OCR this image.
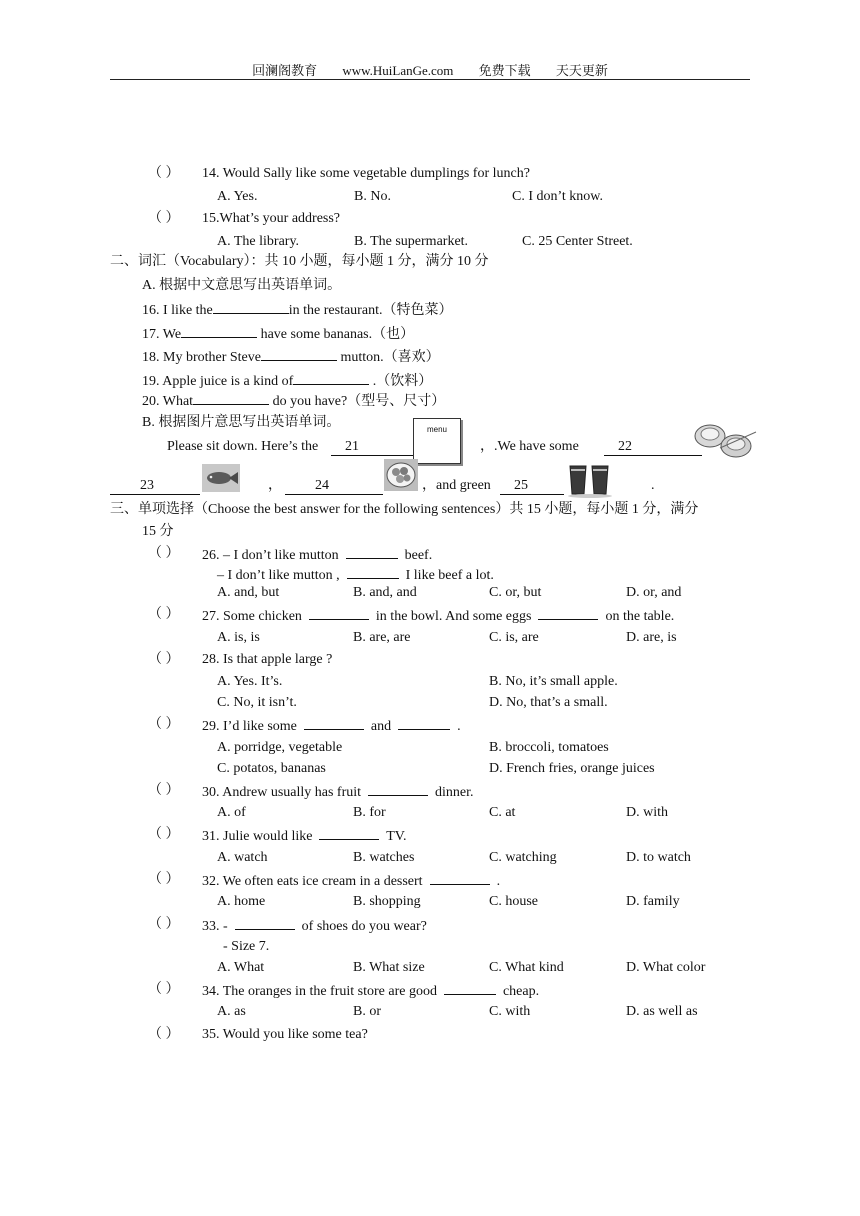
回澜阁教育 www.HuiLanGe.com 免费下载 天天更新
（ ） 14. Would Sally like some vegetable dumplings for lunch?
A. Yes.	B. No.	C. I don’t know.
（ ） 15.What’s your address?
A. The library.	B. The supermarket.	C. 25 Center Street.
二、词汇（Vocabulary）：共 10 小题，每小题 1 分，满分 10 分
A. 根据中文意思写出英语单词。
16. I like the	in the restaurant.（特色菜）
17. We	have some bananas.（也）
18. My brother Steve	mutton.（喜欢）
19. Apple juice is a kind of	.（饮料）
20. What	do you have?（型号、尺寸）
B. 根据图片意思写出英语单词。
Please sit down. Here’s the	21
menu
，.We have some	22
23	，	24	，and green	25	.
三、单项选择（Choose the best answer for the following sentences）共 15 小题，每小题 1 分，满分
15 分
（ ） 26. – I don’t like mutton	beef.
– I don’t like mutton ,	I like beef a lot.
A. and, but	B. and, and	C. or, but	D. or, and
（ ） 27. Some chicken	in the bowl. And some eggs	on the table.
A. is, is	B. are, are	C. is, are	D. are, is
（ ） 28. Is that apple large ?
A. Yes. It’s.	B. No, it’s small apple.
C. No, it isn’t.	D. No, that’s a small.
（ ） 29. I’d like some	and	.
A. porridge, vegetable	B. broccoli, tomatoes
C. potatos, bananas	D. French fries, orange juices
（ ） 30. Andrew usually has fruit	dinner.
A. of	B. for	C. at	D. with
（ ） 31. Julie would like	TV.
A. watch	B. watches	C. watching	D. to watch
（ ） 32. We often eats ice cream in a dessert	.
A. home	B. shopping	C. house	D. family
（ ） 33. -	of shoes do you wear?
- Size 7.
A. What	B. What size	C. What kind	D. What color
（ ） 34. The oranges in the fruit store are good	cheap.
A. as	B. or	C. with	D. as well as
（ ） 35. Would you like some tea?
